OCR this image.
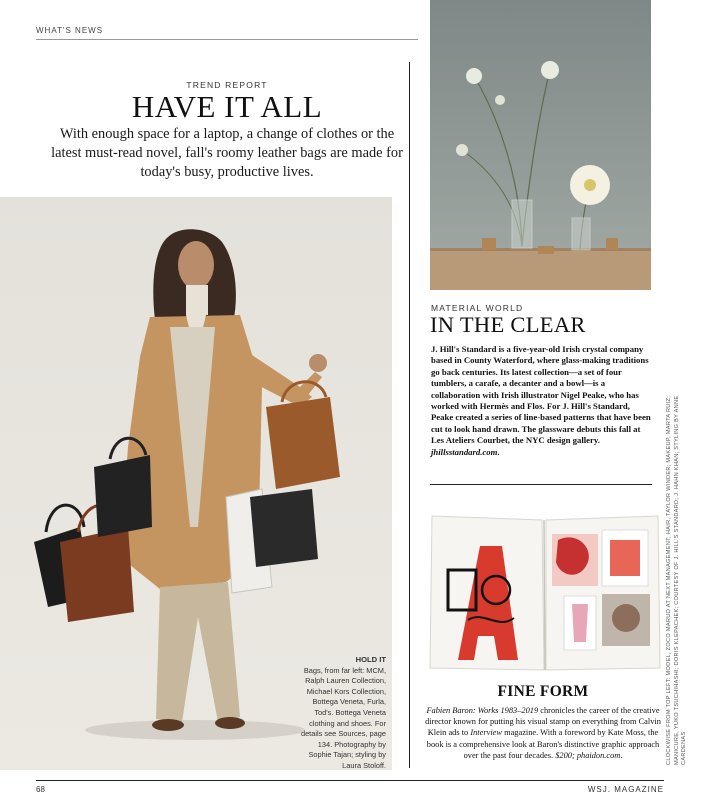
WHAT'S NEWS
TREND REPORT
HAVE IT ALL
With enough space for a laptop, a change of clothes or the latest must-read novel, fall's roomy leather bags are made for today's busy, productive lives.
HOLD IT
Bags, from far left: MCM, Ralph Lauren Collection, Michael Kors Collection, Bottega Veneta, Furla, Tod's. Bottega Veneta clothing and shoes. For details see Sources, page 134. Photography by Sophie Tajan; styling by Laura Stoloff.
MATERIAL WORLD
IN THE CLEAR
J. Hill's Standard is a five-year-old Irish crystal company based in County Waterford, where glass-making traditions go back centuries. Its latest collection—a set of four tumblers, a carafe, a decanter and a bowl—is a collaboration with Irish illustrator Nigel Peake, who has worked with Hermès and Flos. For J. Hill's Standard, Peake created a series of line-based patterns that have been cut to look hand drawn. The glassware debuts this fall at Les Ateliers Courbet, the NYC design gallery. jhillsstandard.com.
FINE FORM
Fabien Baron: Works 1983–2019 chronicles the career of the creative director known for putting his visual stamp on everything from Calvin Klein ads to Interview magazine. With a foreword by Kate Moss, the book is a comprehensive look at Baron's distinctive graphic approach over the past four decades. $200; phaidon.com.	CLOCKWISE FROM TOP LEFT: MODEL, ZOCO MARUO AT NEXT MANAGEMENT; HAIR, TAYLOR WINDER; MAKEUP, MARTA RUIZ; MANICURE, YUKO TSUCHIHASHI; DORIS KLEPACHEK; COURTESY OF J. HILL'S STANDARD; J. HAHN KHAN; STYLING BY ANNE CARDENAS
68	WSJ. MAGAZINE
